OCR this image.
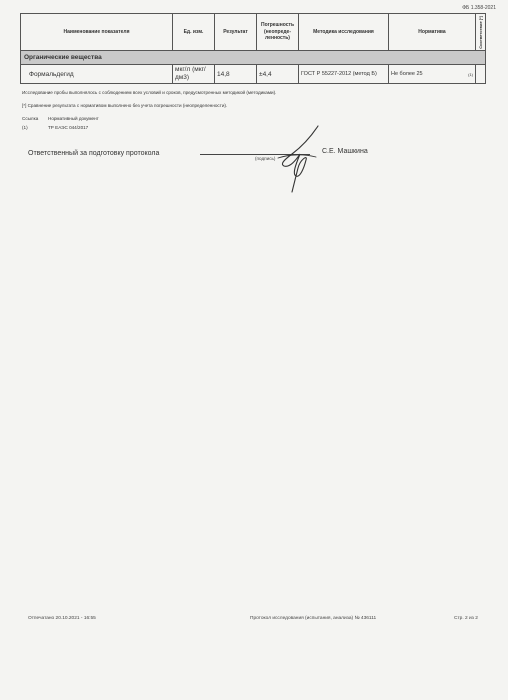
ФБ 1.358-2021
Наименование показателя	Ед. изм.	Результат	Погрешность (неопреде-ленность)	Методика исследования	Норматива	Соответствие [*]

Органические вещества						
Формальдегид	мкг/л (мкг/дм3)	14,8	±4,4	ГОСТ Р 55227-2012 (метод Б)	Не более 25 (1)	

Исследование пробы выполнялось с соблюдением всех условий и сроков, предусмотренных методикой (методиками).
[*] Сравнение результата с нормативом выполнено без учета погрешности (неопределенности).
Ссылка Нормативный документ
(1)	ТР ЕАЭС 044/2017
Ответственный за подготовку протокола
(подпись)
С.Е. Машкина
Отпечатано 20.10.2021 - 16:55	Протокол исследования (испытания, анализа) № 436111	Стр. 2 из 2
